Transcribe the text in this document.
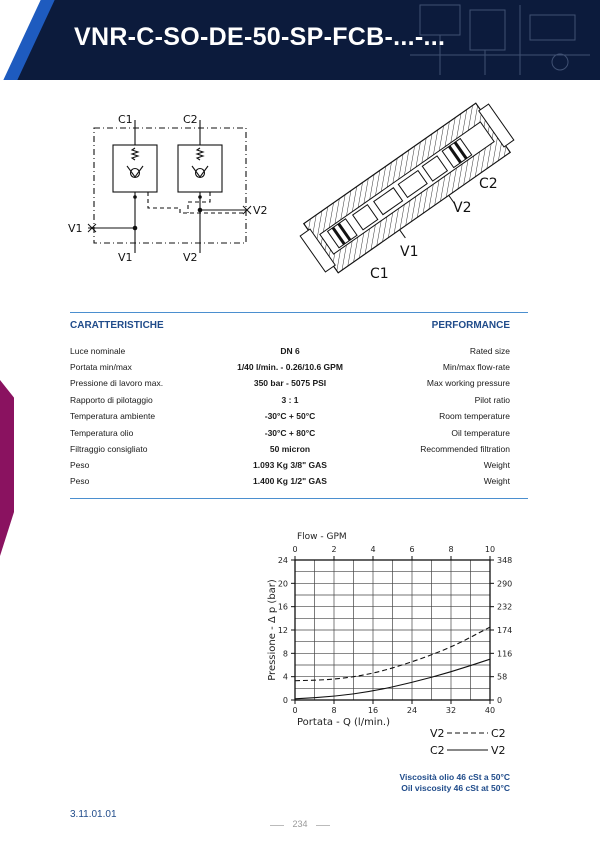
VNR-C-SO-DE-50-SP-FCB-...-...
C1	C2
V1
V2
V1	V2
C2
V2
V1
C1
CARATTERISTICHE	PERFORMANCE
Luce nominale	DN 6	Rated size
Portata min/max	1/40 l/min. - 0.26/10.6 GPM	Min/max flow-rate
Pressione di lavoro max.	350 bar - 5075 PSI	Max working pressure
Rapporto di pilotaggio	3 : 1	Pilot ratio
Temperatura ambiente	-30°C + 50°C	Room temperature
Temperatura olio	-30°C + 80°C	Oil temperature
Filtraggio consigliato	50 micron	Recommended filtration
Peso	1.093 Kg 3/8" GAS	Weight
Peso	1.400 Kg 1/2" GAS	Weight
Flow - GPM
0	2	4	6	8	10
0
4
8
12
16
20
24
0
58
116
174
232
290
348
0	8	16	24	32	40
Pressione - Δ p (bar)
Portata - Q (l/min.)
V2	C2
C2	V2
Viscosità olio 46 cSt a 50°C
Oil viscosity 46 cSt at 50°C
3.11.01.01
234
